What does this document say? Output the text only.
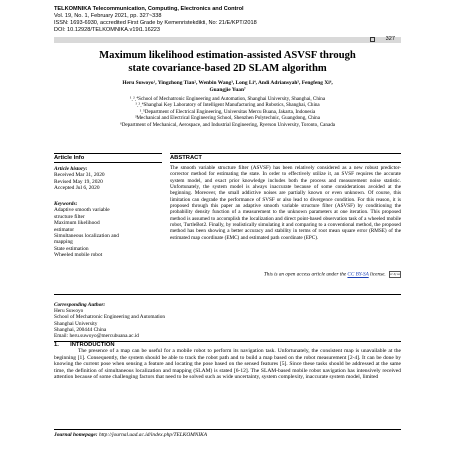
TELKOMNIKA Telecommunication, Computing, Electronics and Control
Vol. 19, No. 1, February 2021, pp. 327~338
ISSN: 1693-6930, accredited First Grade by Kemenristekdikti, No: 21/E/KPT/2018
DOI: 10.12928/TELKOMNIKA.v19i1.16223
327
Maximum likelihood estimation-assisted ASVSF through
state covariance-based 2D SLAM algorithm
Heru Suwoyo¹, Yingzhong Tian², Wenbin Wang³, Long Li⁴, Andi Adriansyah⁵, Fengfeng Xi⁶,
Guangjie Yuan⁷
¹ˏ²ˏ⁴School of Mechatronic Engineering and Automation, Shanghai University, Shanghai, China
¹ˏ²ˏ⁴Shanghai Key Laboratory of Intelligent Manufacturing and Robotics, Shanghai, China
¹ˏ⁵Department of Electrical Engineering, Universitas Mercu Buana, Jakarta, Indonesia
³Mechanical and Electrical Engineering School, Shenzhen Polytechnic, Guangdong, China
⁶Department of Mechanical, Aerospace, and Industrial Engineering, Ryerson University, Toronto, Canada
Article Info
Article history:
Received Mar 31, 2020
Revised May 19, 2020
Accepted Jul 6, 2020
Keywords:
Adaptive smooth variable
structure filter
Maximum likelihood
estimator
Simultaneous localization and
mapping
State estimation
Wheeled mobile robot
ABSTRACT
The smooth variable structure filter (ASVSF) has been relatively considered as a new robust predictor-corrector method for estimating the state. In order to effectively utilize it, an SVSF requires the accurate system model, and exact prior knowledge includes both the process and measurement noise statistic. Unfortunately, the system model is always inaccurate because of some considerations avoided at the beginning. Moreover, the small addictive noises are partially known or even unknown. Of course, this limitation can degrade the performance of SVSF or also lead to divergence condition. For this reason, it is proposed through this paper an adaptive smooth variable structure filter (ASVSF) by conditioning the probability density function of a measurement to the unknown parameters at one iteration. This proposed method is assumed to accomplish the localization and direct point-based observation task of a wheeled mobile robot, TurtleBot2. Finally, by realistically simulating it and comparing to a conventional method, the proposed method has been showing a better accuracy and stability in terms of root mean square error (RMSE) of the estimated map coordinate (EMC) and estimated path coordinate (EPC).
This is an open access article under the CC BY-SA license. cc by sa
Corresponding Author:
Heru Suwoyo
School of Mechatronic Engineering and Automation
Shanghai University
Shanghai, 200444 China
Email: heru.suwoyo@mercubuana.ac.id
1.       INTRODUCTION
The presence of a map can be useful for a mobile robot to perform its navigation task. Unfortunately, the consistent map is unavailable at the beginning [1]. Consequently, the system should be able to track the robot path and to build a map based on the robot measurement [2-4]. It can be done by knowing the current pose when sensing a feature and locating the pose based on the sensed features [5]. Since these tasks should be addressed at the same time, the definition of simultaneous localization and mapping (SLAM) is stated [6-12]. The SLAM-based mobile robot navigation has intensively received attention because of some challenging factors that need to be solved such as wide uncertainty, system complexity, inaccurate system model, limited
Journal homepage: http://journal.uad.ac.id/index.php/TELKOMNIKA
